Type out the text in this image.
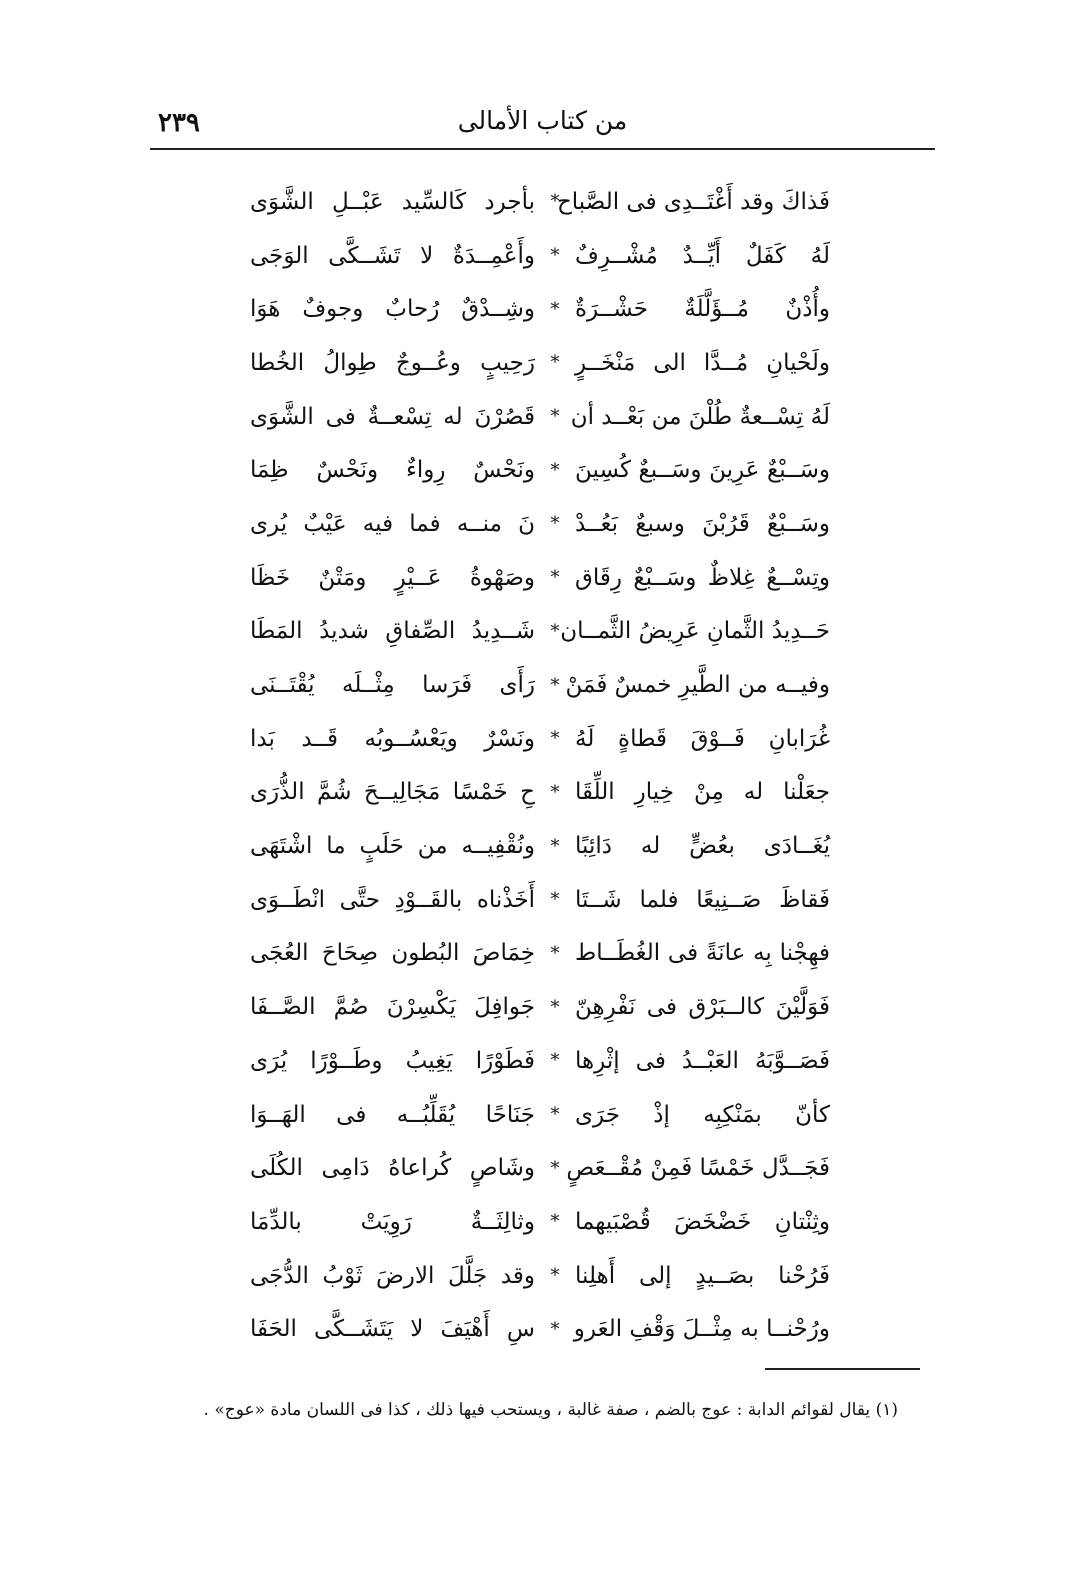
٢٣٩	من كتاب الأمالى
فَذاكَ وقد أَغْتَــدِى فى الصَّباح
*
بأجرد كَالسِّيد عَبْــلِ الشَّوَى
لَهُ كَفَلٌ أَيِّــدٌ مُشْــرِفٌ
*
وأَعْمِــدَةٌ لا تَشَــكَّى الوَجَى
وأُذْنٌ مُــؤَلَّلَةٌ حَشْــرَةٌ
*
وشِــدْقٌ رُحابٌ وجوفٌ هَوَا
ولَحْيانِ مُــدَّا الى مَنْخَــرٍ
*
رَحِيبٍ وعُــوجٌ طِوالُ الخُطا
لَهُ تِسْــعةٌ طُلْنَ من بَعْــد أن
*
قَصُرْنَ له تِسْعــةٌ فى الشَّوَى
وسَــبْعٌ عَرِينَ وسَــبعٌ كُسِينَ
*
ونَحْسٌ رِواءٌ ونَحْسٌ ظِمَا
وسَــبْعٌ قَرُبْنَ وسبعٌ بَعُــدْ
*
نَ منــه فما فيه عَيْبٌ يُرى
وتِسْــعٌ غِلاظٌ وسَــبْعٌ رِقَاق
*
وصَهْوةُ عَــيْرٍ ومَتْنٌ خَظَا
حَــدِيدُ الثَّمانِ عَرِيضُ الثَّمــان
*
شَــدِيدُ الصِّفاقِ شديدُ المَطَا
وفيــه من الطَّيرِ خمسٌ فَمَنْ
*
رَأَى فَرَسا مِثْــلَه يُقْتَــنَى
غُرَابانِ فَــوْقَ قَطاةٍ لَهُ
*
ونَسْرٌ ويَعْسُــوبُه قَــد بَدا
جعَلْنا له مِنْ خِيارِ اللِّقَا
*
حِ خَمْسًا مَجَالِيــحَ شُمَّ الذُّرَى
يُغَــادَى بعُضٍّ له دَائِبًا
*
ونُقْفِيــه من حَلَبٍ ما اشْتَهَى
فَقاظَ صَــنِيعًا فلما شَــتَا
*
أَخَذْناه بالقَــوْدِ حتَّى انْطَــوَى
فهِجْنا بِه عانَةً فى الغُطَــاط
*
خِمَاصَ البُطون صِحَاحَ العُجَى
فَوَلَّيْنَ كالــبَرْق فى نَفْرِهِنّ
*
جَوافِلَ يَكْسِرْنَ صُمَّ الصَّــفَا
فَصَــوَّبَهُ العَبْــدُ فى إثْرِها
*
فَطَوْرًا يَغِيبُ وطَــوْرًا يُرَى
كأنّ بمَنْكِبِه إذْ جَرَى
*
جَنَاحًا يُقَلِّبُــه فى الهَــوَا
فَجَــدَّل خَمْسًا فَمِنْ مُقْــعَصٍ
*
وشَاصٍ كُراعاهُ دَامِى الكُلَى
وثِنْتانِ خَضْخَضَ قُصْبَيهما
*
وثالِثَــةٌ رَوِيَتْ بالدِّمَا
فَرُحْنا بصَــيدٍ إلى أَهلِنا
*
وقد جَلَّلَ الارضَ ثَوْبُ الدُّجَى
ورُحْنــا به مِثْــلَ وَقْفِ العَرو
*
سِ أَهْيَفَ لا يَتَشَــكَّى الحَفَا
(١) يقال لقوائم الدابة : عوج بالضم ، صفة غالبة ، ويستحب فيها ذلك ، كذا فى اللسان مادة «عوج» .
